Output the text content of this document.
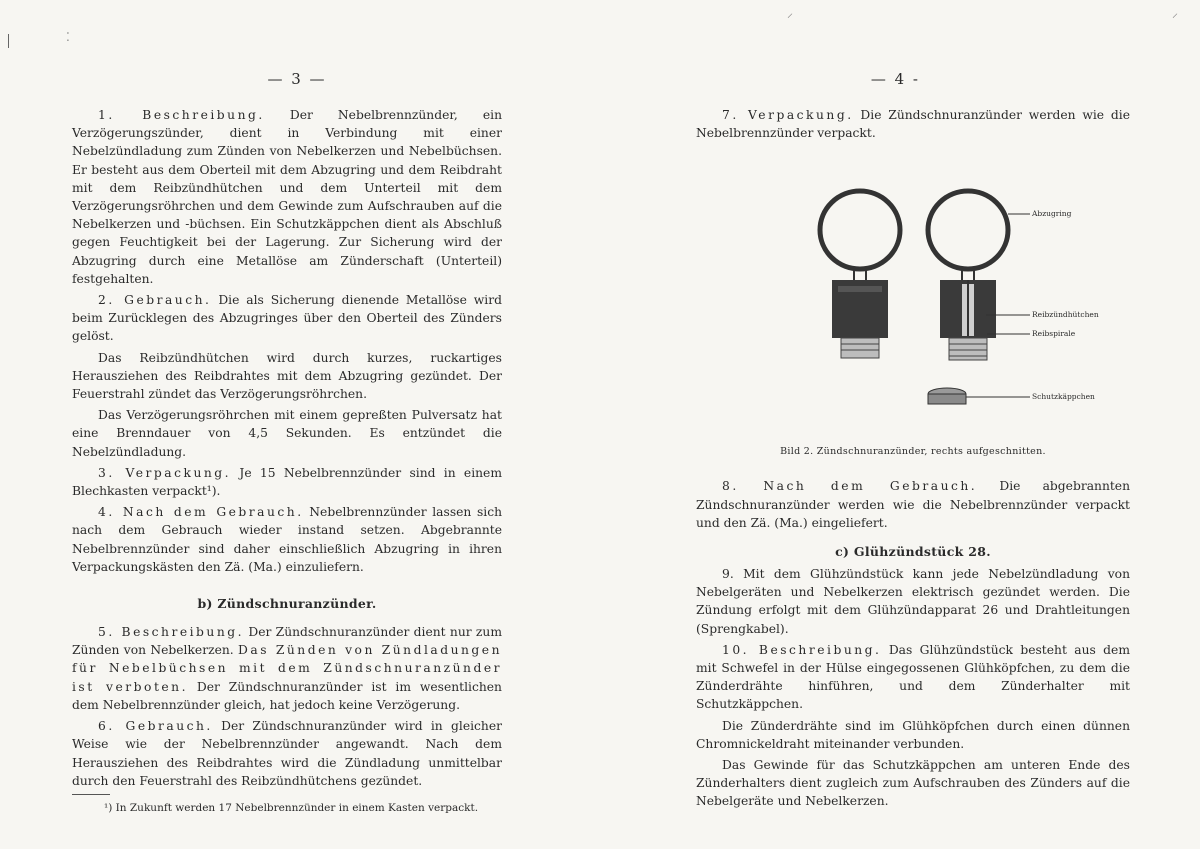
⁚
⸝	⸝
— 3 —

1. Beschreibung. Der Nebelbrennzünder, ein Verzögerungszünder, dient in Verbindung mit einer Nebelzündladung zum Zünden von Nebelkerzen und Nebelbüchsen. Er besteht aus dem Oberteil mit dem Abzugring und dem Reibdraht mit dem Reibzündhütchen und dem Unterteil mit dem Verzögerungsröhrchen und dem Gewinde zum Aufschrauben auf die Nebelkerzen und -büchsen. Ein Schutzkäppchen dient als Abschluß gegen Feuchtigkeit bei der Lagerung. Zur Sicherung wird der Abzugring durch eine Metallöse am Zünderschaft (Unterteil) festgehalten.

2. Gebrauch. Die als Sicherung dienende Metallöse wird beim Zurücklegen des Abzugringes über den Oberteil des Zünders gelöst.

Das Reibzündhütchen wird durch kurzes, ruckartiges Herausziehen des Reibdrahtes mit dem Abzugring gezündet. Der Feuerstrahl zündet das Verzögerungsröhrchen.

Das Verzögerungsröhrchen mit einem gepreßten Pulversatz hat eine Brenndauer von 4,5 Sekunden. Es entzündet die Nebelzündladung.

3. Verpackung. Je 15 Nebelbrennzünder sind in einem Blechkasten verpackt¹).

4. Nach dem Gebrauch. Nebelbrennzünder lassen sich nach dem Gebrauch wieder instand setzen. Abgebrannte Nebelbrennzünder sind daher einschließlich Abzugring in ihren Verpackungskästen den Zä. (Ma.) einzuliefern.

b) Zündschnuranzünder.

5. Beschreibung. Der Zündschnuranzünder dient nur zum Zünden von Nebelkerzen. Das Zünden von Zündladungen für Nebelbüchsen mit dem Zündschnuranzünder ist verboten. Der Zündschnuranzünder ist im wesentlichen dem Nebelbrennzünder gleich, hat jedoch keine Verzögerung.

6. Gebrauch. Der Zündschnuranzünder wird in gleicher Weise wie der Nebelbrennzünder angewandt. Nach dem Herausziehen des Reibdrahtes wird die Zündladung unmittelbar durch den Feuerstrahl des Reibzündhütchens gezündet.

¹) In Zukunft werden 17 Nebelbrennzünder in einem Kasten verpackt.

— 4 -

7. Verpackung. Die Zündschnuranzünder werden wie die Nebelbrennzünder verpackt.

Abzugring
Reibzündhütchen
Reibspirale
Schutzkäppchen
Bild 2. Zündschnuranzünder, rechts aufgeschnitten.

8. Nach dem Gebrauch. Die abgebrannten Zündschnuranzünder werden wie die Nebelbrennzünder verpackt und den Zä. (Ma.) eingeliefert.

c) Glühzündstück 28.

9. Mit dem Glühzündstück kann jede Nebelzündladung von Nebelgeräten und Nebelkerzen elektrisch gezündet werden. Die Zündung erfolgt mit dem Glühzündapparat 26 und Drahtleitungen (Sprengkabel).

10. Beschreibung. Das Glühzündstück besteht aus dem mit Schwefel in der Hülse eingegossenen Glühköpfchen, zu dem die Zünderdrähte hinführen, und dem Zünderhalter mit Schutzkäppchen.

Die Zünderdrähte sind im Glühköpfchen durch einen dünnen Chromnickeldraht miteinander verbunden.

Das Gewinde für das Schutzkäppchen am unteren Ende des Zünderhalters dient zugleich zum Aufschrauben des Zünders auf die Nebelgeräte und Nebelkerzen.
